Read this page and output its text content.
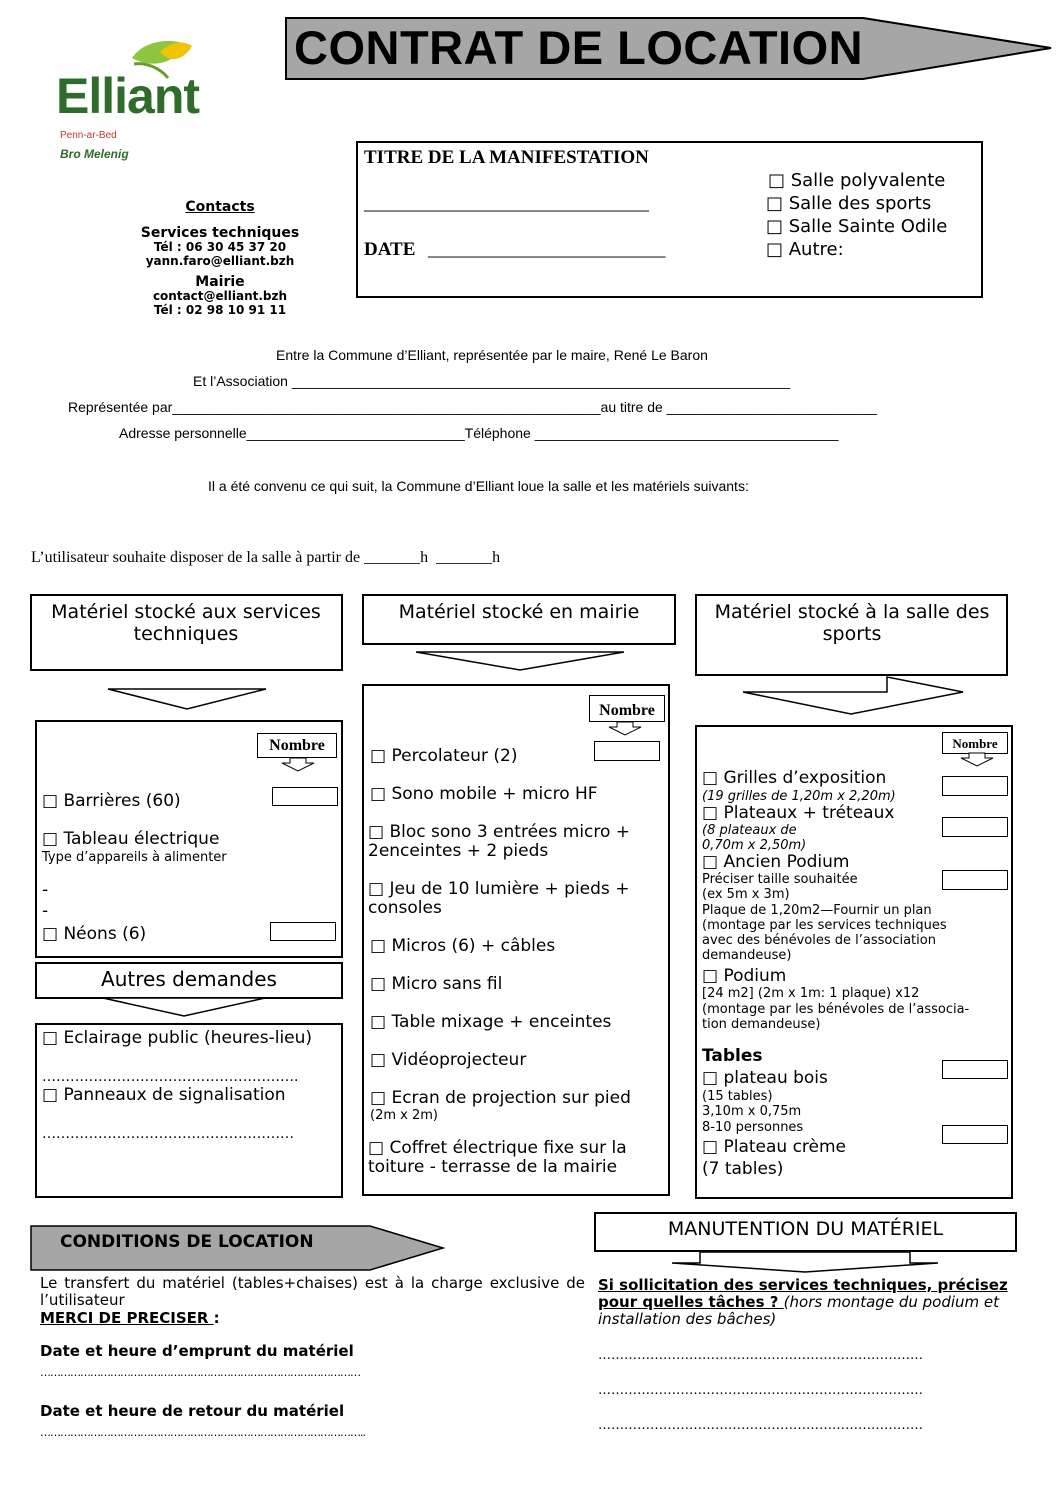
CONTRAT DE LOCATION
Elliant
Penn-ar-Bed
Bro Melenig
Contacts
Services techniques
Tél : 06 30 45 37 20
yann.faro@elliant.bzh
Mairie
contact@elliant.bzh
Tél : 02 98 10 91 11
TITRE DE LA MANIFESTATION
______________________________
DATE _________________________
□ Salle polyvalente
□ Salle des sports
□ Salle Sainte Odile
□ Autre:
Entre la Commune d’Elliant, représentée par le maire, René Le Baron
Et l’Association ________________________________________________________________
Représentée par_______________________________________________________au titre de ___________________________
Adresse personnelle____________________________Téléphone _______________________________________
Il a été convenu ce qui suit, la Commune d’Elliant loue la salle et les matériels suivants:
L’utilisateur souhaite disposer de la salle à partir de _______h  _______h
Matériel stocké aux services techniques
Nombre
□ Barrières (60)
□ Tableau électrique
Type d’appareils à alimenter
-
-
□ Néons (6)
Autres demandes
□ Eclairage public (heures-lieu)
……………………………………………….
□ Panneaux de signalisation
………………………………………………
Matériel stocké en mairie
Nombre
□ Percolateur (2)
□ Sono mobile + micro HF
□ Bloc sono 3 entrées micro + 2enceintes + 2 pieds
□ Jeu de 10 lumière + pieds + consoles
□ Micros (6) + câbles
□ Micro sans fil
□ Table mixage + enceintes
□ Vidéoprojecteur
□ Ecran de projection sur pied
(2m x 2m)
□ Coffret électrique fixe sur la toiture - terrasse de la mairie
Matériel stocké à la salle des sports
Nombre
□ Grilles d’exposition
(19 grilles de 1,20m x 2,20m)
□ Plateaux + tréteaux
(8 plateaux de
0,70m x 2,50m)
□ Ancien Podium
Préciser taille souhaitée
(ex 5m x 3m)
Plaque de 1,20m2—Fournir un plan
(montage par les services techniques
avec des bénévoles de l’association
demandeuse)
□ Podium
[24 m2] (2m x 1m: 1 plaque) x12
(montage par les bénévoles de l’associa-
tion demandeuse)
Tables
□ plateau bois
(15 tables)
3,10m x 0,75m
8-10 personnes
□ Plateau crème
(7 tables)
CONDITIONS DE LOCATION
Le transfert du matériel (tables+chaises) est à la charge exclusive de l’utilisateur
MERCI DE PRECISER :
Date et heure d’emprunt du matériel
……………………………………………………………………………………
Date et heure de retour du matériel
……………………………………………………………………………………..
MANUTENTION DU MATÉRIEL
Si sollicitation des services techniques, précisez pour quelles tâches ? (hors montage du podium et installation des bâches)
…………………………………………………………………
…………………………………………………………………
…………………………………………………………………
